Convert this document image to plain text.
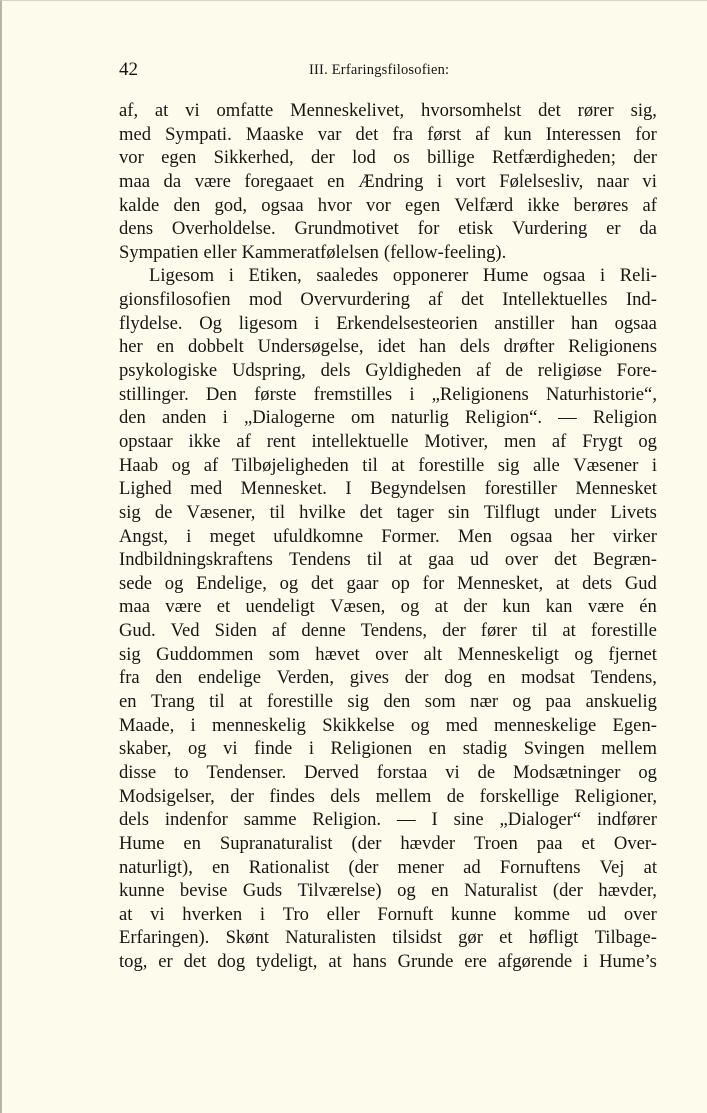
42	III. Erfaringsfilosofien:
af, at vi omfatte Menneskelivet, hvorsomhelst det rører sig,
med Sympati. Maaske var det fra først af kun Interessen for
vor egen Sikkerhed, der lod os billige Retfærdigheden; der
maa da være foregaaet en Ændring i vort Følelsesliv, naar vi
kalde den god, ogsaa hvor vor egen Velfærd ikke berøres af
dens Overholdelse. Grundmotivet for etisk Vurdering er da
Sympatien eller Kammeratfølelsen (fellow-feeling).
Ligesom i Etiken, saaledes opponerer Hume ogsaa i Reli-
gionsfilosofien mod Overvurdering af det Intellektuelles Ind-
flydelse. Og ligesom i Erkendelsesteorien anstiller han ogsaa
her en dobbelt Undersøgelse, idet han dels drøfter Religionens
psykologiske Udspring, dels Gyldigheden af de religiøse Fore-
stillinger. Den første fremstilles i „Religionens Naturhistorie“,
den anden i „Dialogerne om naturlig Religion“. — Religion
opstaar ikke af rent intellektuelle Motiver, men af Frygt og
Haab og af Tilbøjeligheden til at forestille sig alle Væsener i
Lighed med Mennesket. I Begyndelsen forestiller Mennesket
sig de Væsener, til hvilke det tager sin Tilflugt under Livets
Angst, i meget ufuldkomne Former. Men ogsaa her virker
Indbildningskraftens Tendens til at gaa ud over det Begræn-
sede og Endelige, og det gaar op for Mennesket, at dets Gud
maa være et uendeligt Væsen, og at der kun kan være én
Gud. Ved Siden af denne Tendens, der fører til at forestille
sig Guddommen som hævet over alt Menneskeligt og fjernet
fra den endelige Verden, gives der dog en modsat Tendens,
en Trang til at forestille sig den som nær og paa anskuelig
Maade, i menneskelig Skikkelse og med menneskelige Egen-
skaber, og vi finde i Religionen en stadig Svingen mellem
disse to Tendenser. Derved forstaa vi de Modsætninger og
Modsigelser, der findes dels mellem de forskellige Religioner,
dels indenfor samme Religion. — I sine „Dialoger“ indfører
Hume en Supranaturalist (der hævder Troen paa et Over-
naturligt), en Rationalist (der mener ad Fornuftens Vej at
kunne bevise Guds Tilværelse) og en Naturalist (der hævder,
at vi hverken i Tro eller Fornuft kunne komme ud over
Erfaringen). Skønt Naturalisten tilsidst gør et høfligt Tilbage-
tog, er det dog tydeligt, at hans Grunde ere afgørende i Hume’s
